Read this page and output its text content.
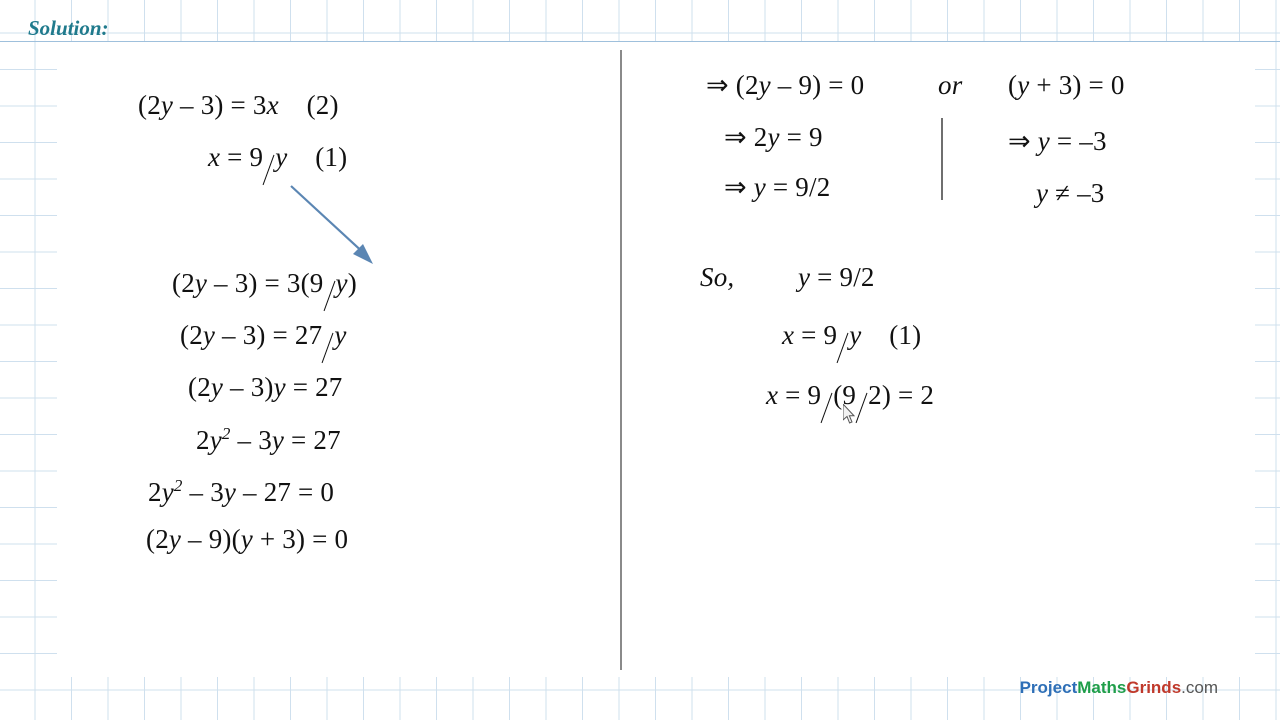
Solution:
(2y – 3) = 3x    (2)
x = 9 y    (1)
(2y – 3) = 3(9 y)
(2y – 3) = 27 y
(2y – 3)y = 27
$2y^2 - 3y = 27$
$2y^2 - 3y - 27 = 0$
(2y – 9)(y + 3) = 0
⇒ (2y – 9) = 0	or (y + 3) = 0
⇒ 2y = 9
⇒ y = 9/2
⇒ y = –3
y ≠ –3
So, y = 9/2
x = 9 y    (1)
x = 9 (9 2) = 2
ProjectMathsGrinds.com
